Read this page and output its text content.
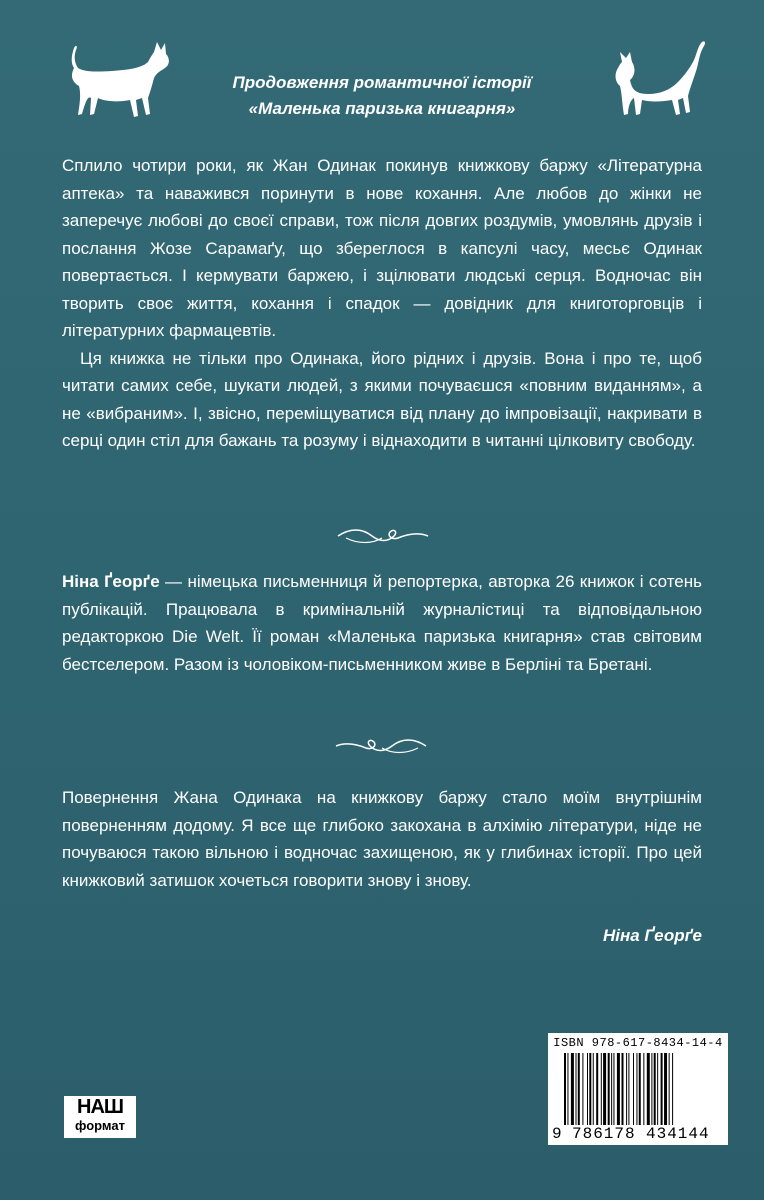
Продовження романтичної історії
«Маленька паризька книгарня»

Сплило чотири роки, як Жан Одинак покинув книжкову баржу «Літературна аптека» та наважився поринути в нове кохання. Але любов до жінки не заперечує любові до своєї справи, тож після довгих роздумів, умовлянь друзів і послання Жозе Сарамаґу, що збереглося в капсулі часу, месьє Одинак повертається. І кермувати баржею, і зцілювати людські серця. Водночас він творить своє життя, кохання і спадок — довідник для книготорговців і літературних фармацевтів.

Ця книжка не тільки про Одинака, його рідних і друзів. Вона і про те, щоб читати самих себе, шукати людей, з якими почуваєшся «повним виданням», а не «вибраним». І, звісно, переміщуватися від плану до імпровізації, накривати в серці один стіл для бажань та розуму і віднаходити в читанні цілковиту свободу.

Ніна Ґеорґе — німецька письменниця й репортерка, авторка 26 книжок і сотень публікацій. Працювала в кримінальній журналістиці та відповідальною редакторкою Die Welt. Її роман «Маленька паризька книгарня» став світовим бестселером. Разом із чоловіком-письменником живе в Берліні та Бретані.

Повернення Жана Одинака на книжкову баржу стало моїм внутрішнім поверненням додому. Я все ще глибоко закохана в алхімію літератури, ніде не почуваюся такою вільною і водночас захищеною, як у глибинах історії. Про цей книжковий затишок хочеться говорити знову і знову.

Ніна Ґеорґе
НАШ
формат
ISBN 978-617-8434-14-4
9 786178 434144
